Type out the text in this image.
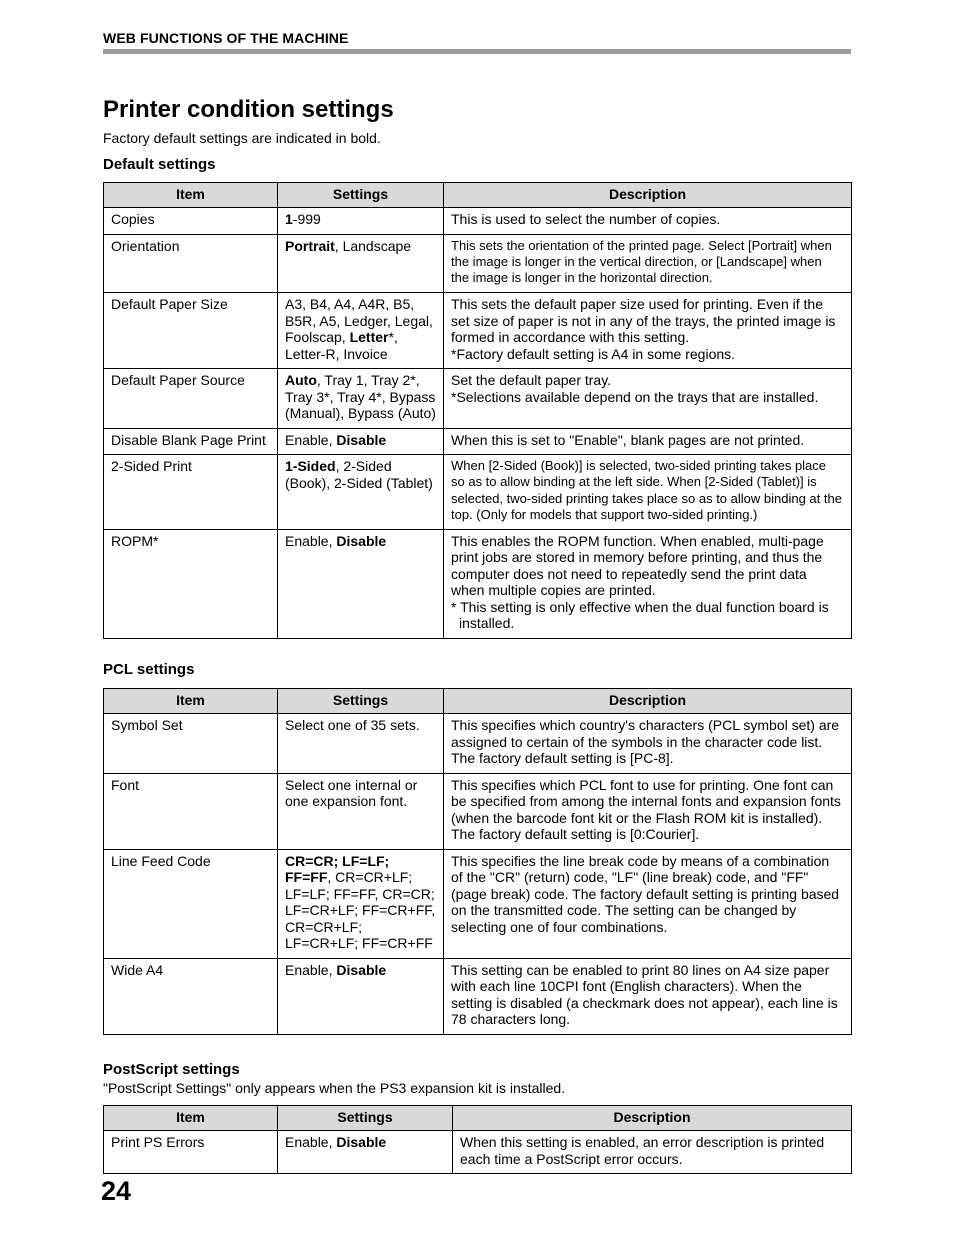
WEB FUNCTIONS OF THE MACHINE
Printer condition settings

Factory default settings are indicated in bold.

Default settings
Item	Settings	Description
Copies	1-999	This is used to select the number of copies.

Orientation	Portrait, Landscape	This sets the orientation of the printed page. Select [Portrait] when the image is longer in the vertical direction, or [Landscape] when the image is longer in the horizontal direction.

Default Paper Size	A3, B4, A4, A4R, B5, B5R, A5, Ledger, Legal, Foolscap, Letter*, Letter-R, Invoice	This sets the default paper size used for printing. Even if the set size of paper is not in any of the trays, the printed image is formed in accordance with this setting.
*Factory default setting is A4 in some regions.

Default Paper Source	Auto, Tray 1, Tray 2*, Tray 3*, Tray 4*, Bypass (Manual), Bypass (Auto)	Set the default paper tray.
*Selections available depend on the trays that are installed.

Disable Blank Page Print	Enable, Disable	When this is set to "Enable", blank pages are not printed.

2-Sided Print	1-Sided, 2-Sided (Book), 2-Sided (Tablet)	When [2-Sided (Book)] is selected, two-sided printing takes place so as to allow binding at the left side. When [2-Sided (Tablet)] is selected, two-sided printing takes place so as to allow binding at the top. (Only for models that support two-sided printing.)

ROPM*	Enable, Disable	This enables the ROPM function. When enabled, multi-page print jobs are stored in memory before printing, and thus the computer does not need to repeatedly send the print data when multiple copies are printed.
* This setting is only effective when the dual function board is installed.
PCL settings
Item	Settings	Description
Symbol Set	Select one of 35 sets.	This specifies which country's characters (PCL symbol set) are assigned to certain of the symbols in the character code list. The factory default setting is [PC-8].

Font	Select one internal or one expansion font.	This specifies which PCL font to use for printing. One font can be specified from among the internal fonts and expansion fonts (when the barcode font kit or the Flash ROM kit is installed). The factory default setting is [0:Courier].

Line Feed Code	CR=CR; LF=LF; FF=FF, CR=CR+LF; LF=LF; FF=FF, CR=CR; LF=CR+LF; FF=CR+FF, CR=CR+LF; LF=CR+LF; FF=CR+FF	This specifies the line break code by means of a combination of the "CR" (return) code, "LF" (line break) code, and "FF" (page break) code. The factory default setting is printing based on the transmitted code. The setting can be changed by selecting one of four combinations.

Wide A4	Enable, Disable	This setting can be enabled to print 80 lines on A4 size paper with each line 10CPI font (English characters). When the setting is disabled (a checkmark does not appear), each line is 78 characters long.
PostScript settings

"PostScript Settings" only appears when the PS3 expansion kit is installed.

Item	Settings	Description
Print PS Errors	Enable, Disable	When this setting is enabled, an error description is printed each time a PostScript error occurs.
24
